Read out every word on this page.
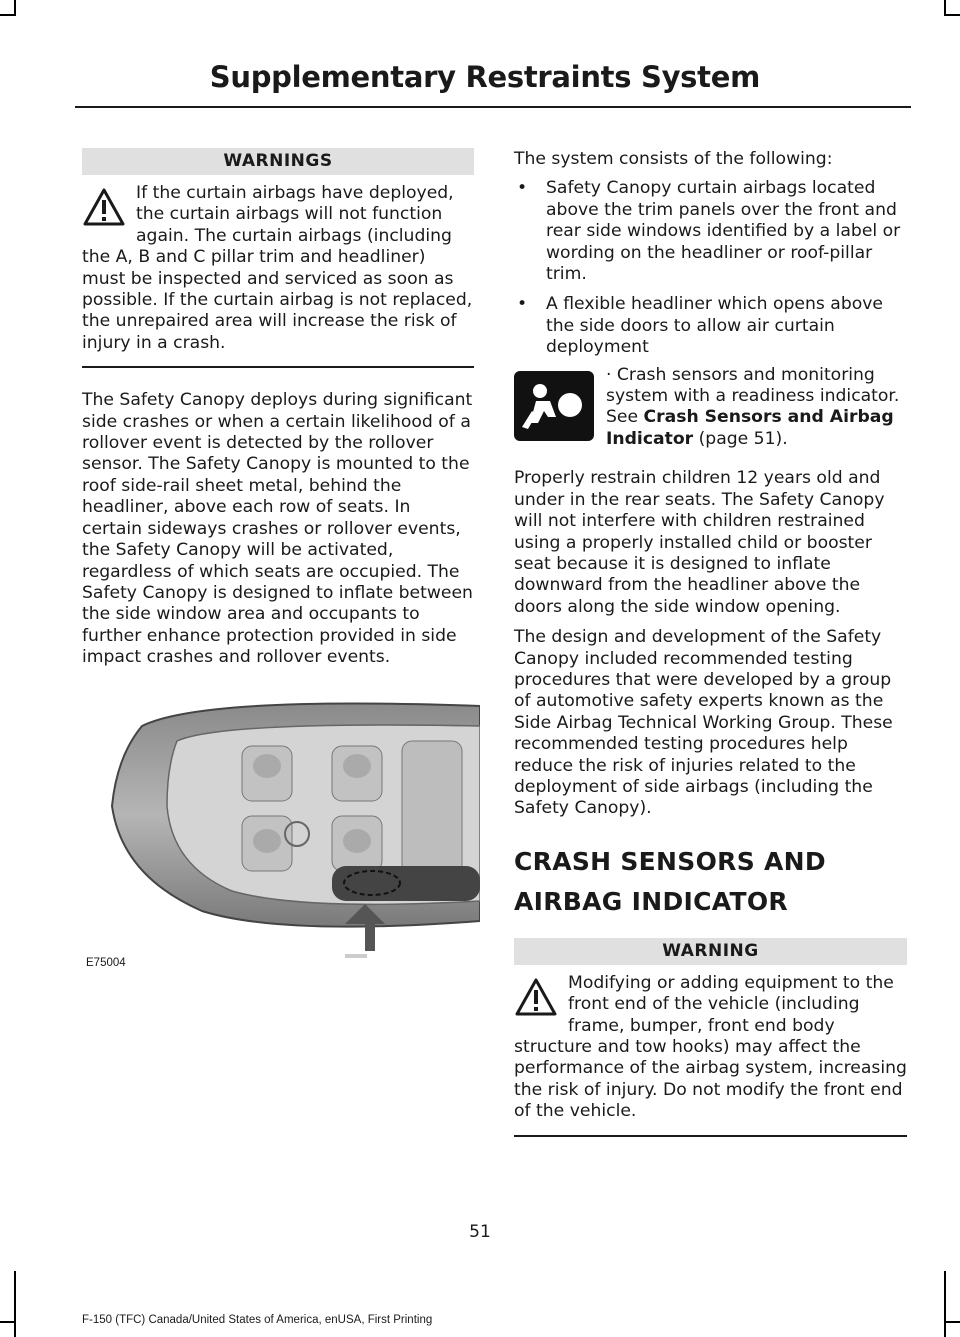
Supplementary Restraints System
WARNINGS
If the curtain airbags have deployed, the curtain airbags will not function again. The curtain airbags (including the A, B and C pillar trim and headliner) must be inspected and serviced as soon as possible. If the curtain airbag is not replaced, the unrepaired area will increase the risk of injury in a crash.

The Safety Canopy deploys during significant side crashes or when a certain likelihood of a rollover event is detected by the rollover sensor. The Safety Canopy is mounted to the roof side-rail sheet metal, behind the headliner, above each row of seats. In certain sideways crashes or rollover events, the Safety Canopy will be activated, regardless of which seats are occupied. The Safety Canopy is designed to inflate between the side window area and occupants to further enhance protection provided in side impact crashes and rollover events.

E75004

The system consists of the following:

• Safety Canopy curtain airbags located above the trim panels over the front and rear side windows identified by a label or wording on the headliner or roof-pillar trim.
• A flexible headliner which opens above the side doors to allow air curtain deployment
· Crash sensors and monitoring system with a readiness indicator. See Crash Sensors and Airbag Indicator (page 51).

Properly restrain children 12 years old and under in the rear seats. The Safety Canopy will not interfere with children restrained using a properly installed child or booster seat because it is designed to inflate downward from the headliner above the doors along the side window opening.

The design and development of the Safety Canopy included recommended testing procedures that were developed by a group of automotive safety experts known as the Side Airbag Technical Working Group. These recommended testing procedures help reduce the risk of injuries related to the deployment of side airbags (including the Safety Canopy).

CRASH SENSORS AND

AIRBAG INDICATOR

WARNING
Modifying or adding equipment to the front end of the vehicle (including frame, bumper, front end body structure and tow hooks) may affect the performance of the airbag system, increasing the risk of injury. Do not modify the front end of the vehicle.
51
F-150 (TFC) Canada/United States of America, enUSA, First Printing
